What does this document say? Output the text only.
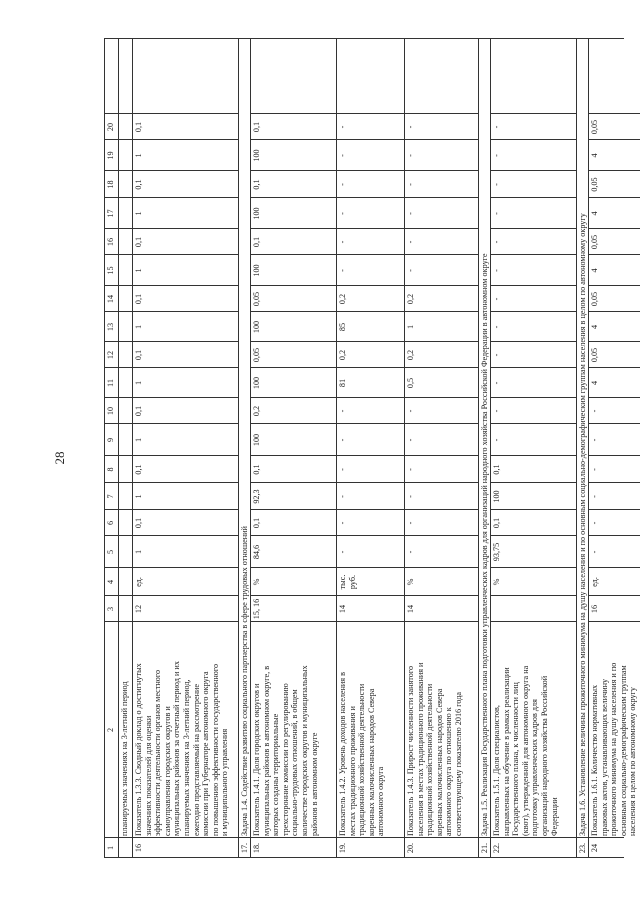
28
1
2
3
4
5
6
7
8
9
10
11
12
13
14
15
16
17
18
19
20
планируемых значениях на 3-летний период
16
Показатель 1.3.3. Сводный доклад о достигнутых значениях показателей для оценки эффективности деятельности органов местного самоуправления городских округов и муниципальных районов за отчетный период и их планируемых значениях на 3-летний период, ежегодно представляемый на рассмотрение комиссии при Губернаторе автономного округа по повышению эффективности государственного и муниципального управления
12
ед.
1
0,1
1
0,1
1
0,1
1
0,1
1
0,1
1
0,1
1
0,1
1
0,1
17.
Задача 1.4. Содействие развитию социального партнерства в сфере трудовых отношений
18.
Показатель 1.4.1. Доля городских округов и муниципальных районов в автономном округе, в которых созданы территориальные трехсторонние комиссии по регулированию социально-трудовых отношений, в общем количестве городских округов и муниципальных районов в автономном округе
15, 16
%
84,6
0,1
92,3
0,1
100
0,2
100
0,05
100
0,05
100
0,1
100
0,1
100
0,1
19.
Показатель 1.4.2. Уровень доходов населения в местах традиционного проживания и традиционной хозяйственной деятельности коренных малочисленных народов Севера автономного округа
14
тыс. руб.
-
-
-
-
-
-
81
0,2
85
0,2
-
-
-
-
-
-
20.
Показатель 1.4.3. Прирост численности занятого населения в местах традиционного проживания и традиционной хозяйственной деятельности коренных малочисленных народов Севера автономного округа по отношению к соответствующему показателю 2016 года
14
%
-
-
-
-
-
-
0,5
0,2
1
0,2
-
-
-
-
-
-
21.
Задача 1.5. Реализация Государственного плана подготовки управленческих кадров для организаций народного хозяйства Российской Федерации в автономном округе
22.
Показатель 1.5.1. Доля специалистов, направленных на обучение в рамках реализации Государственного плана, к численности лиц (квот), утвержденной для автономного округа на подготовку управленческих кадров для организаций народного хозяйства Российской Федерации
%
93,75
0,1
100
0,1
-
-
-
-
-
-
-
-
-
-
-
-
23.
Задача 1.6. Установление величины прожиточного минимума на душу населения и по основным социально-демографическим группам населения в целом по автономному округу
24
Показатель 1.6.1. Количество нормативных правовых актов, устанавливающих величину прожиточного минимума на душу населения и по основным социально-демографическим группам населения в целом по автономному округу
16
ед.
-
-
-
-
-
-
4
0,05
4
0,05
4
0,05
4
0,05
4
0,05
